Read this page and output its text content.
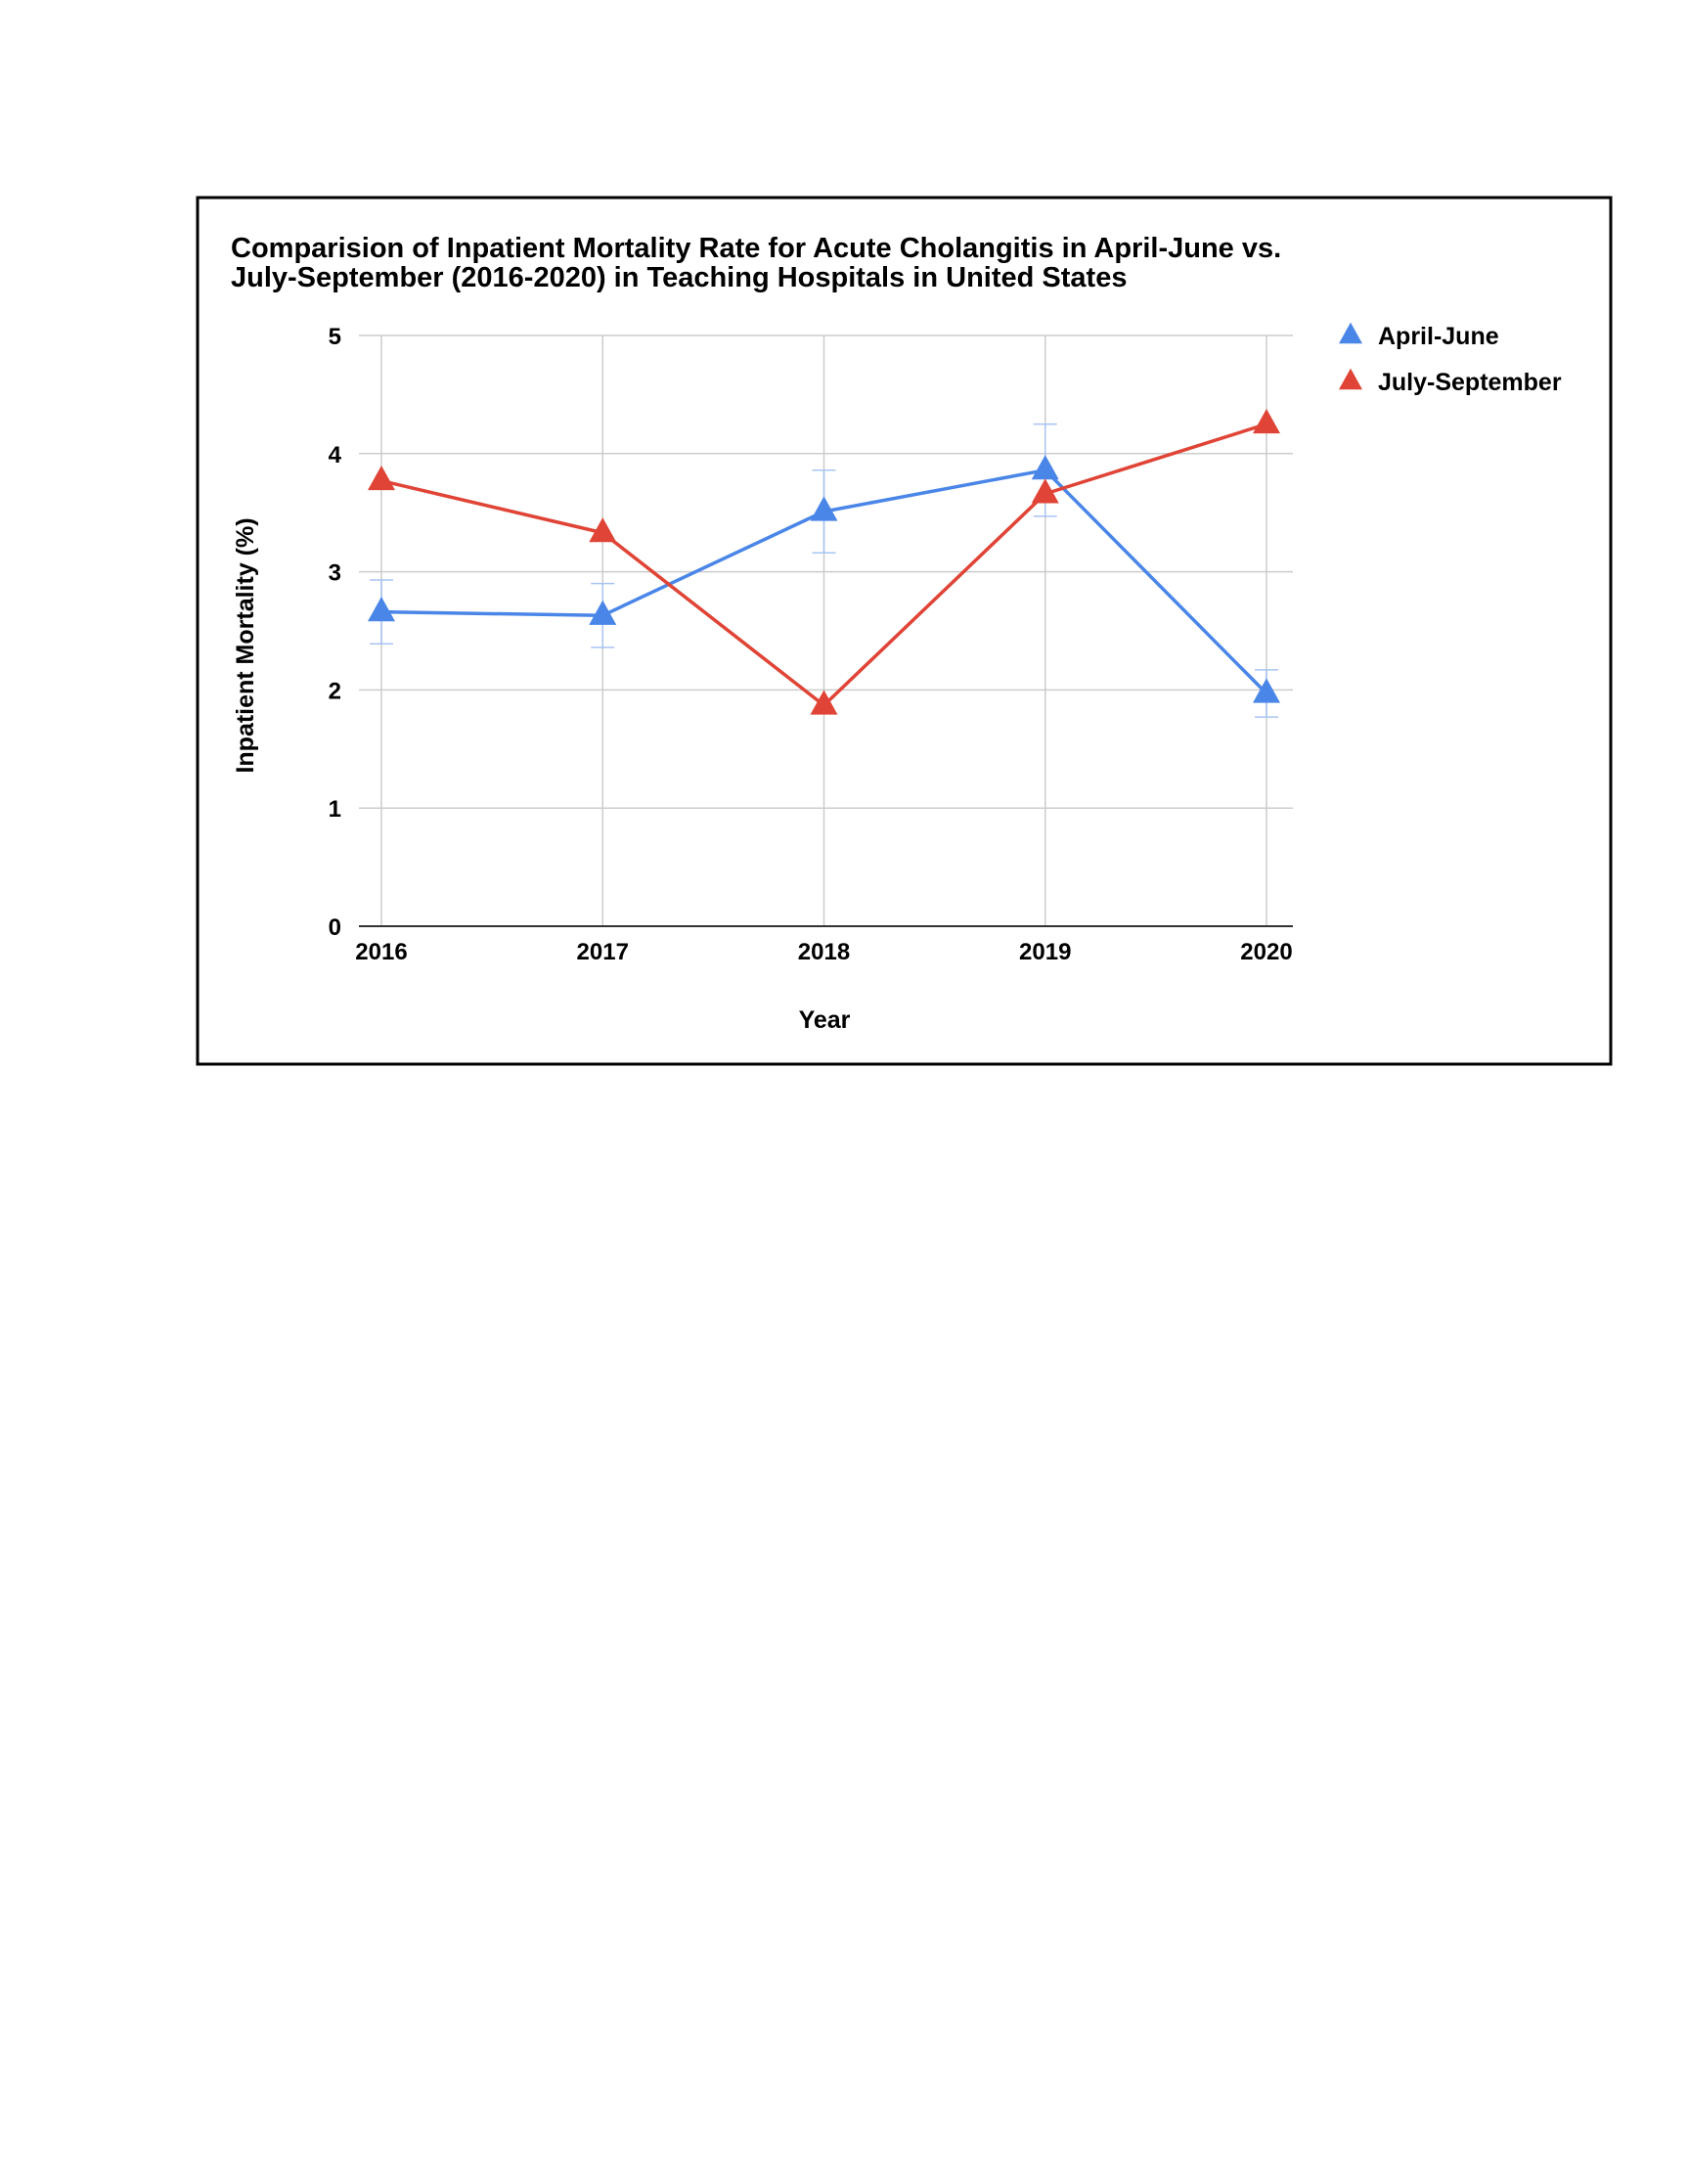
Comparision of Inpatient Mortality Rate for Acute Cholangitis in April-June vs.
July-September (2016-2020) in Teaching Hospitals in United States
0
1
2
3
4
5
2016	2017	2018	2019	2020
Year
Inpatient Mortality (%)
April-June
July-September
